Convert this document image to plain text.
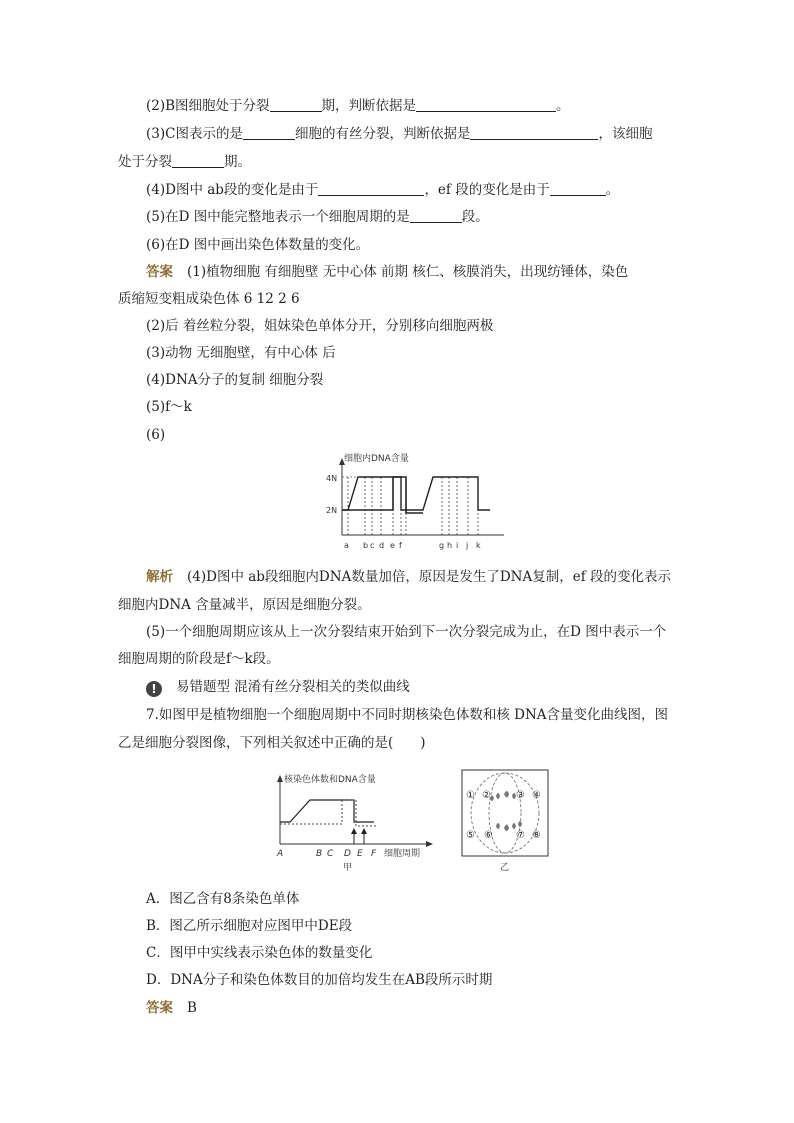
(2)B图细胞处于分裂	期，判断依据是	。
(3)C图表示的是	细胞的有丝分裂，判断依据是	，该细胞
处于分裂	期。
(4)D图中 ab段的变化是由于	，ef 段的变化是由于	。
(5)在D 图中能完整地表示一个细胞周期的是	段。
(6)在D 图中画出染色体数量的变化。
答案 (1)植物细胞 有细胞壁 无中心体 前期 核仁、核膜消失，出现纺锤体，染色
质缩短变粗成染色体 6 12 2 6
(2)后 着丝粒分裂，姐妹染色单体分开，分别移向细胞两极
(3)动物 无细胞壁，有中心体 后
(4)DNA分子的复制 细胞分裂
(5)f～k
(6)
细胞内DNA含量
4N
2N
a b c d e f	g h i j k
解析 (4)D图中 ab段细胞内DNA数量加倍，原因是发生了DNA复制，ef 段的变化表示
细胞内DNA 含量减半，原因是细胞分裂。
(5)一个细胞周期应该从上一次分裂结束开始到下一次分裂完成为止，在D 图中表示一个
细胞周期的阶段是f～k段。
! 易错题型 混淆有丝分裂相关的类似曲线
7.如图甲是植物细胞一个细胞周期中不同时期核染色体数和核 DNA含量变化曲线图，图
乙是细胞分裂图像，下列相关叙述中正确的是(　　)
核染色体数和DNA含量
A	B C D E F 细胞周期
甲
① ②	③ ④
⑤ ⑥ ⑦ ⑧
乙
A．图乙含有8条染色单体
B．图乙所示细胞对应图甲中DE段
C．图甲中实线表示染色体的数量变化
D．DNA分子和染色体数目的加倍均发生在AB段所示时期
答案 B
